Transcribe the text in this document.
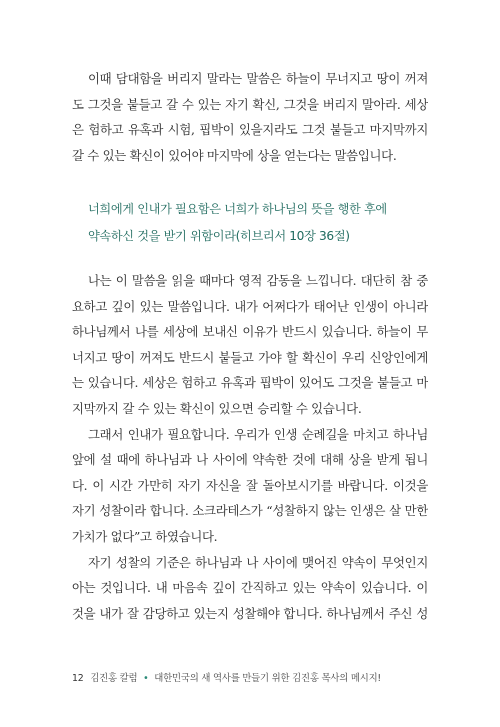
이때 담대함을 버리지 말라는 말씀은 하늘이 무너지고 땅이 꺼져
도 그것을 붙들고 갈 수 있는 자기 확신, 그것을 버리지 말아라. 세상
은 험하고 유혹과 시험, 핍박이 있을지라도 그것 붙들고 마지막까지
갈 수 있는 확신이 있어야 마지막에 상을 얻는다는 말씀입니다.

너희에게 인내가 필요함은 너희가 하나님의 뜻을 행한 후에
약속하신 것을 받기 위함이라(히브리서 10장 36절)

나는 이 말씀을 읽을 때마다 영적 감동을 느낍니다. 대단히 참 중
요하고 깊이 있는 말씀입니다. 내가 어쩌다가 태어난 인생이 아니라
하나님께서 나를 세상에 보내신 이유가 반드시 있습니다. 하늘이 무
너지고 땅이 꺼져도 반드시 붙들고 가야 할 확신이 우리 신앙인에게
는 있습니다. 세상은 험하고 유혹과 핍박이 있어도 그것을 붙들고 마
지막까지 갈 수 있는 확신이 있으면 승리할 수 있습니다.

그래서 인내가 필요합니다. 우리가 인생 순례길을 마치고 하나님
앞에 설 때에 하나님과 나 사이에 약속한 것에 대해 상을 받게 됩니
다. 이 시간 가만히 자기 자신을 잘 돌아보시기를 바랍니다. 이것을
자기 성찰이라 합니다. 소크라테스가 “성찰하지 않는 인생은 살 만한
가치가 없다”고 하였습니다.

자기 성찰의 기준은 하나님과 나 사이에 맺어진 약속이 무엇인지
아는 것입니다. 내 마음속 깊이 간직하고 있는 약속이 있습니다. 이
것을 내가 잘 감당하고 있는지 성찰해야 합니다. 하나님께서 주신 성

12 김진홍 칼럼 • 대한민국의 새 역사를 만들기 위한 김진홍 목사의 메시지!
